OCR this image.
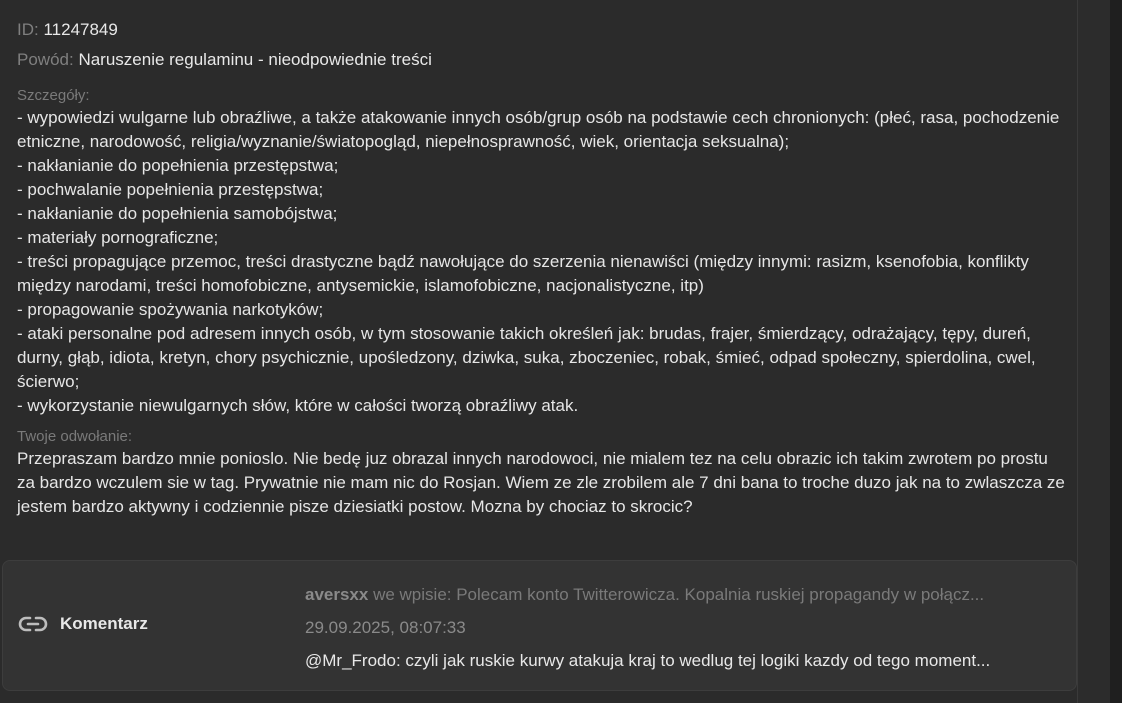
ID: 11247849
Powód: Naruszenie regulaminu - nieodpowiednie treści
Szczegóły:
- wypowiedzi wulgarne lub obraźliwe, a także atakowanie innych osób/grup osób na podstawie cech chronionych: (płeć, rasa, pochodzenie etniczne, narodowość, religia/wyznanie/światopogląd, niepełnosprawność, wiek, orientacja seksualna);
- nakłanianie do popełnienia przestępstwa;
- pochwalanie popełnienia przestępstwa;
- nakłanianie do popełnienia samobójstwa;
- materiały pornograficzne;
- treści propagujące przemoc, treści drastyczne bądź nawołujące do szerzenia nienawiści (między innymi: rasizm, ksenofobia, konflikty między narodami, treści homofobiczne, antysemickie, islamofobiczne, nacjonalistyczne, itp)
- propagowanie spożywania narkotyków;
- ataki personalne pod adresem innych osób, w tym stosowanie takich określeń jak: brudas, frajer, śmierdzący, odrażający, tępy, dureń, durny, głąb, idiota, kretyn, chory psychicznie, upośledzony, dziwka, suka, zboczeniec, robak, śmieć, odpad społeczny, spierdolina, cwel, ścierwo;
- wykorzystanie niewulgarnych słów, które w całości tworzą obraźliwy atak.
Twoje odwołanie:

Przepraszam bardzo mnie ponioslo. Nie bedę juz obrazal innych narodowoci, nie mialem tez na celu obrazic ich takim zwrotem po prostu za bardzo wczulem sie w tag. Prywatnie nie mam nic do Rosjan. Wiem ze zle zrobilem ale 7 dni bana to troche duzo jak na to zwlaszcza ze jestem bardzo aktywny i codziennie pisze dziesiatki postow. Mozna by chociaz to skrocic?

Komentarz
aversxx we wpisie: Polecam konto Twitterowicza. Kopalnia ruskiej propagandy w połącz...
29.09.2025, 08:07:33
@Mr_Frodo: czyli jak ruskie kurwy atakuja kraj to wedlug tej logiki kazdy od tego moment...
